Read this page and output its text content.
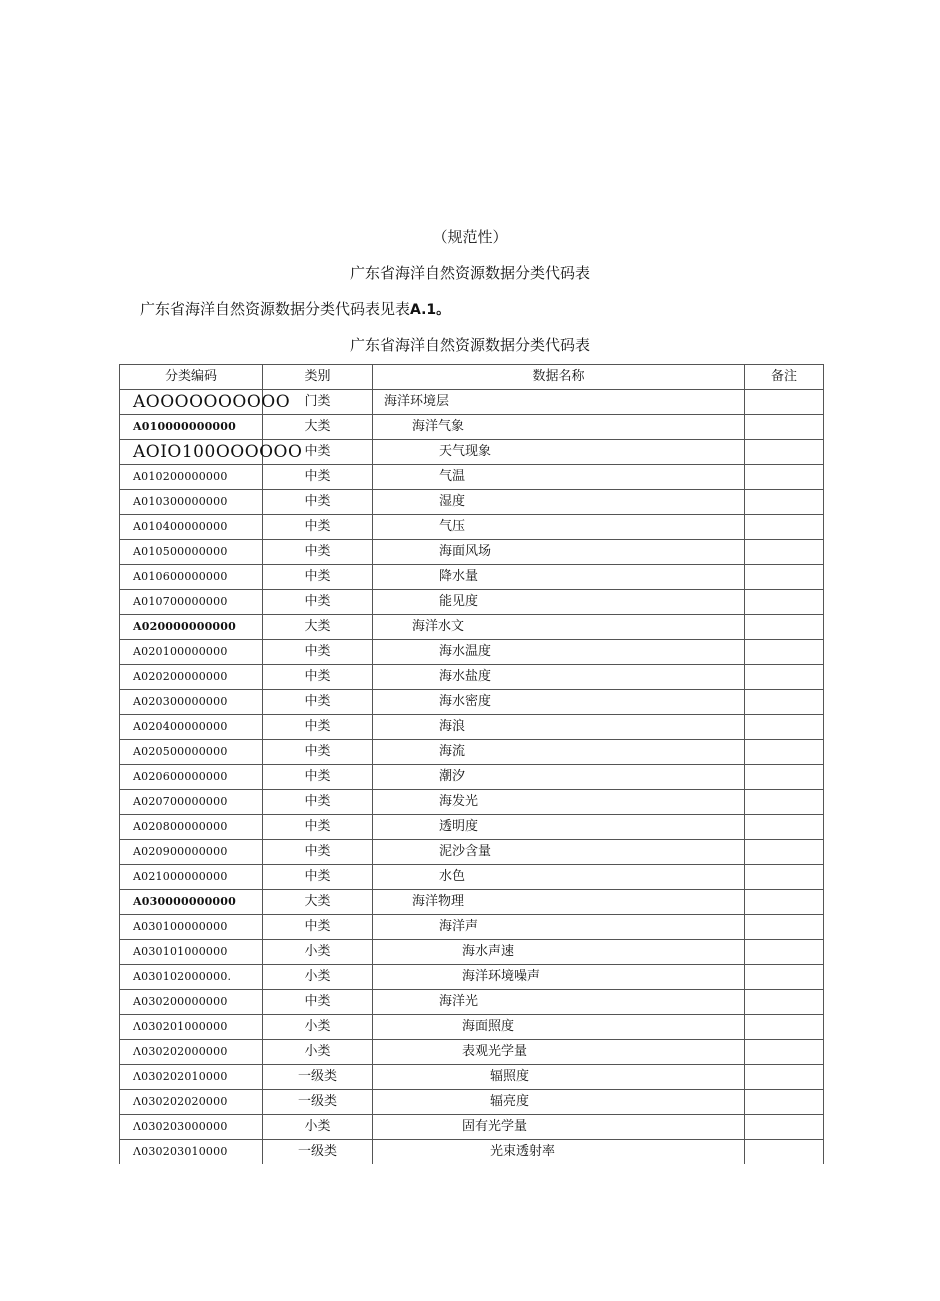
（规范性）
广东省海洋自然资源数据分类代码表
广东省海洋自然资源数据分类代码表见表A.1。
广东省海洋自然资源数据分类代码表
分类编码	类别	数据名称	备注
AOOOOOOOOOO	门类	海洋环境层	
A010000000000	大类	海洋气象	
AOIO100OOOOOO	中类	天气现象	
A010200000000	中类	气温	
A010300000000	中类	湿度	
A010400000000	中类	气压	
A010500000000	中类	海面风场	
A010600000000	中类	降水量	
A010700000000	中类	能见度	
A020000000000	大类	海洋水文	
A020100000000	中类	海水温度	
A020200000000	中类	海水盐度	
A020300000000	中类	海水密度	
A020400000000	中类	海浪	
A020500000000	中类	海流	
A020600000000	中类	潮汐	
A020700000000	中类	海发光	
A020800000000	中类	透明度	
A020900000000	中类	泥沙含量	
A021000000000	中类	水色	
A030000000000	大类	海洋物理	
A030100000000	中类	海洋声	
A030101000000	小类	海水声速	
A030102000000.	小类	海洋环境噪声	
A030200000000	中类	海洋光	
Λ030201000000	小类	海面照度	
Λ030202000000	小类	表观光学量	
Λ030202010000	一级类	辐照度	
Λ030202020000	一级类	辐亮度	
Λ030203000000	小类	固有光学量	
Λ030203010000	一级类	光束透射率	
